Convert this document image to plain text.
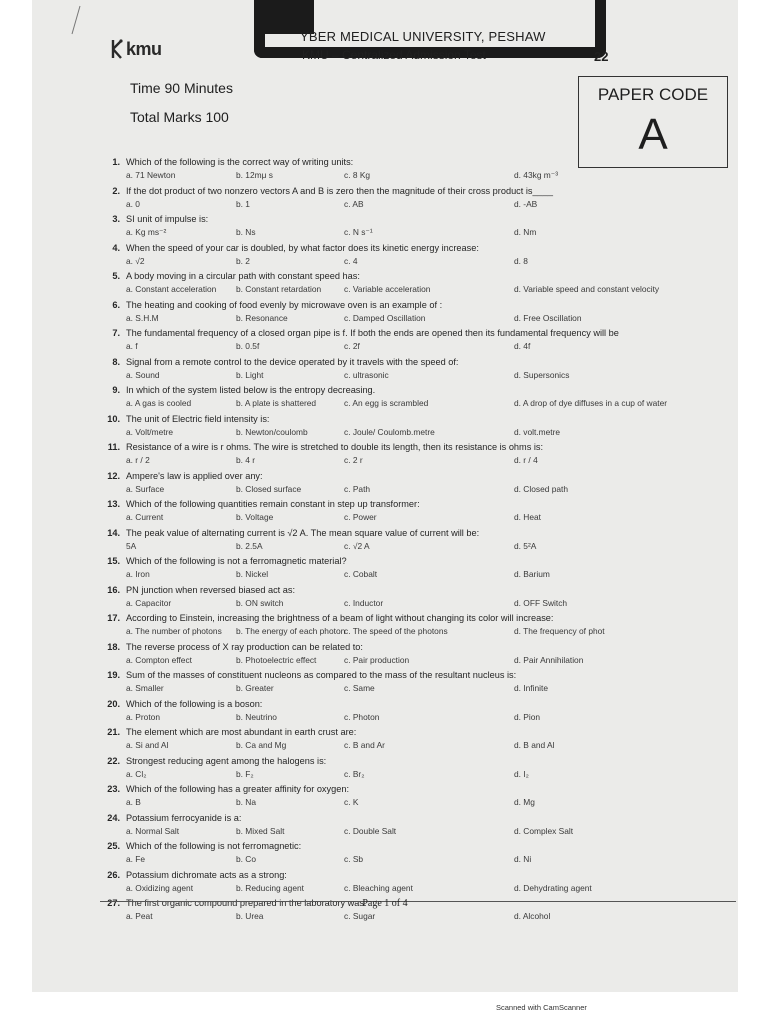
kmu
YBER MEDICAL UNIVERSITY, PESHAW
KMU – Centralized Admission Test	22
Time 90 Minutes
Total Marks 100
PAPER CODE
A
1. Which of the following is the correct way of writing units:
a. 71 Newton	b. 12mμ s	c. 8 Kg	d. 43kg m⁻³
2. If the dot product of two nonzero vectors A and B is zero then the magnitude of their cross product is____
a. 0	b. 1	c. AB	d. -AB
3. SI unit of impulse is:
a. Kg ms⁻²	b. Ns	c. N s⁻¹	d. Nm
4. When the speed of your car is doubled, by what factor does its kinetic energy increase:
a. √2	b. 2	c. 4	d. 8
5. A body moving in a circular path with constant speed has:
a. Constant acceleration b. Constant retardation	c. Variable acceleration	d. Variable speed and constant velocity
6. The heating and cooking of food evenly by microwave oven is an example of :
a. S.H.M	b. Resonance	c. Damped Oscillation	d. Free Oscillation
7. The fundamental frequency of a closed organ pipe is f. If both the ends are opened then its fundamental frequency will be
a. f	b. 0.5f	c. 2f	d. 4f
8. Signal from a remote control to the device operated by it travels with the speed of:
a. Sound	b. Light	c. ultrasonic	d. Supersonics
9. In which of the system listed below is the entropy decreasing.
a. A gas is cooled	b. A plate is shattered	c. An egg is scrambled	d. A drop of dye diffuses in a cup of water
10. The unit of Electric field intensity is:
a. Volt/metre	b. Newton/coulomb	c. Joule/ Coulomb.metre	d. volt.metre
11. Resistance of a wire is r ohms. The wire is stretched to double its length, then its resistance is ohms is:
a. r / 2	b. 4 r	c. 2 r	d. r / 4
12. Ampere's law is applied over any:
a. Surface	b. Closed surface	c. Path	d. Closed path
13. Which of the following quantities remain constant in step up transformer:
a. Current	b. Voltage	c. Power	d. Heat
14. The peak value of alternating current is √2 A. The mean square value of current will be:
5A	b. 2.5A	c. √2 A	d. 5²A
15. Which of the following is not a ferromagnetic material?
a. Iron	b. Nickel	c. Cobalt	d. Barium
16. PN junction when reversed biased act as:
a. Capacitor	b. ON switch	c. Inductor	d. OFF Switch
17. According to Einstein, increasing the brightness of a beam of light without changing its color will increase:
a. The number of photons b. The energy of each photon
c. The speed of the photons	d. The frequency of phot
18. The reverse process of X ray production can be related to:
a. Compton effect	b. Photoelectric effect	c. Pair production	d. Pair Annihilation
19. Sum of the masses of constituent nucleons as compared to the mass of the resultant nucleus is:
a. Smaller	b. Greater	c. Same	d. Infinite
20. Which of the following is a boson:
a. Proton	b. Neutrino	c. Photon	d. Pion
21. The element which are most abundant in earth crust are:
a. Si and Al	b. Ca and Mg	c. B and Ar	d. B and Al
22. Strongest reducing agent among the halogens is:
a. Cl₂	b. F₂	c. Br₂	d. I₂
23. Which of the following has a greater affinity for oxygen:
a. B	b. Na	c. K	d. Mg
24. Potassium ferrocyanide is a:
a. Normal Salt	b. Mixed Salt	c. Double Salt	d. Complex Salt
25. Which of the following is not ferromagnetic:
a. Fe	b. Co	c. Sb	d. Ni
26. Potassium dichromate acts as a strong:
a. Oxidizing agent	b. Reducing agent	c. Bleaching agent	d. Dehydrating agent
27. The first organic compound prepared in the laboratory was:
a. Peat	b. Urea	c. Sugar	d. Alcohol
Page 1 of 4
Scanned with CamScanner
